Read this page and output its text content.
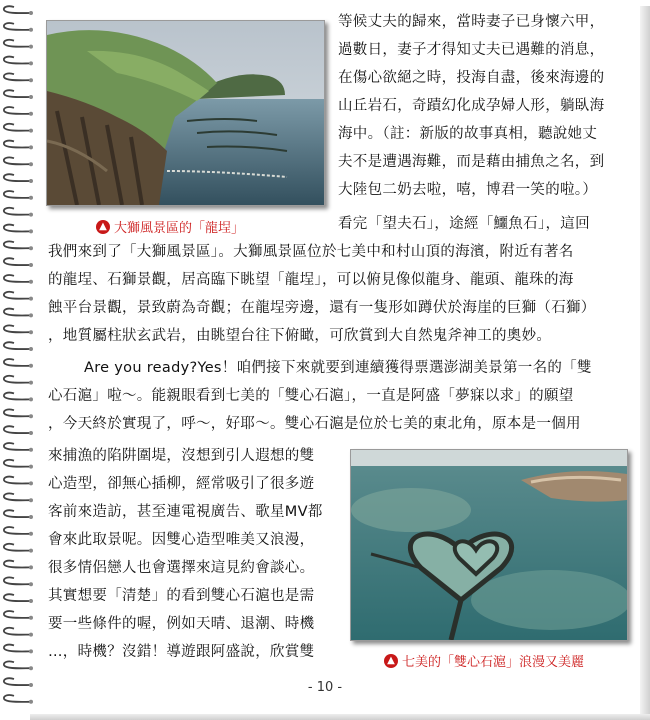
▲ 大獅風景區的「龍埕」
▲ 七美的「雙心石滬」浪漫又美麗
等候丈夫的歸來，當時妻子已身懷六甲，
過數日，妻子才得知丈夫已遇難的消息，
在傷心欲絕之時，投海自盡，後來海邊的
山丘岩石，奇蹟幻化成孕婦人形，躺臥海
海中。（註：新版的故事真相，聽說她丈
夫不是遭遇海難，而是藉由捕魚之名，到
大陸包二奶去啦，嘻，博君一笑的啦。）
看完「望夫石」，途經「鱷魚石」，這回
我們來到了「大獅風景區」。大獅風景區位於七美中和村山頂的海濱，附近有著名
的龍埕、石獅景觀，居高臨下眺望「龍埕」，可以俯見像似龍身、龍頭、龍珠的海
蝕平台景觀，景致蔚為奇觀；在龍埕旁邊，還有一隻形如蹲伏於海崖的巨獅（石獅）
，地質屬柱狀玄武岩，由眺望台往下俯瞰，可欣賞到大自然鬼斧神工的奧妙。
Are you ready?Yes！咱們接下來就要到連續獲得票選澎湖美景第一名的「雙
心石滬」啦～。能親眼看到七美的「雙心石滬」，一直是阿盛「夢寐以求」的願望
，今天終於實現了，呼～，好耶～。雙心石滬是位於七美的東北角，原本是一個用
來捕漁的陷阱圍堤，沒想到引人遐想的雙
心造型，卻無心插柳，經常吸引了很多遊
客前來造訪，甚至連電視廣告、歌星MV都
會來此取景呢。因雙心造型唯美又浪漫，
很多情侶戀人也會選擇來這見約會談心。
其實想要「清楚」的看到雙心石滬也是需
要一些條件的喔，例如天晴、退潮、時機
…，時機？沒錯！導遊跟阿盛說，欣賞雙
- 10 -
